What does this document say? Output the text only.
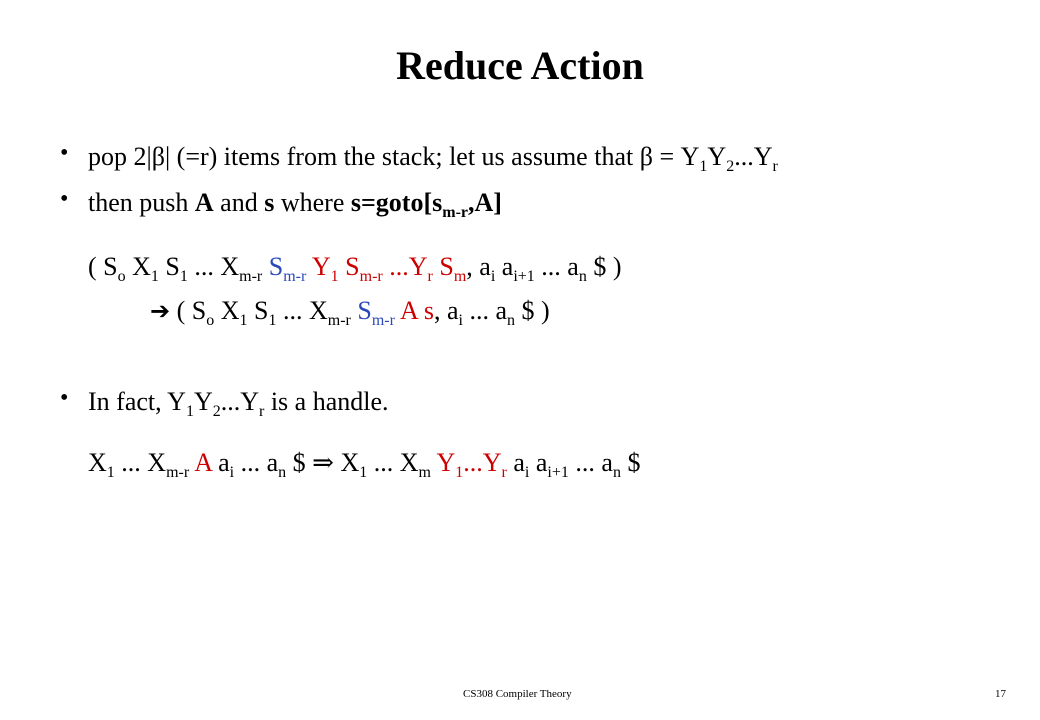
Reduce Action
• pop 2|β| (=r) items from the stack; let us assume that $\beta = Y_1Y_2...Y_r$
• then push A and s where $s=goto[s_{m-r},A]$
( $S_o$ $X_1$ $S_1$ ... $X_{m-r}$ $S_{m-r}$ $Y_1$ $S_{m-r}$ $...Y_r$ $S_m$, $a_i$ $a_{i+1}$ ... $a_n$ $ )
➔ ( $S_o$ $X_1$ $S_1$ ... $X_{m-r}$ $S_{m-r}$ A s, $a_i$ ... $a_n$ $ )
• In fact, $Y_1Y_2...Y_r$ is a handle.
$X_1$ ... $X_{m-r}$ A $a_i$ ... $a_n$ $ ⇒ $X_1$ ... $X_m$ $Y_1...Y_r$ $a_i$ $a_{i+1}$ ... $a_n$ $
CS308 Compiler Theory	17
